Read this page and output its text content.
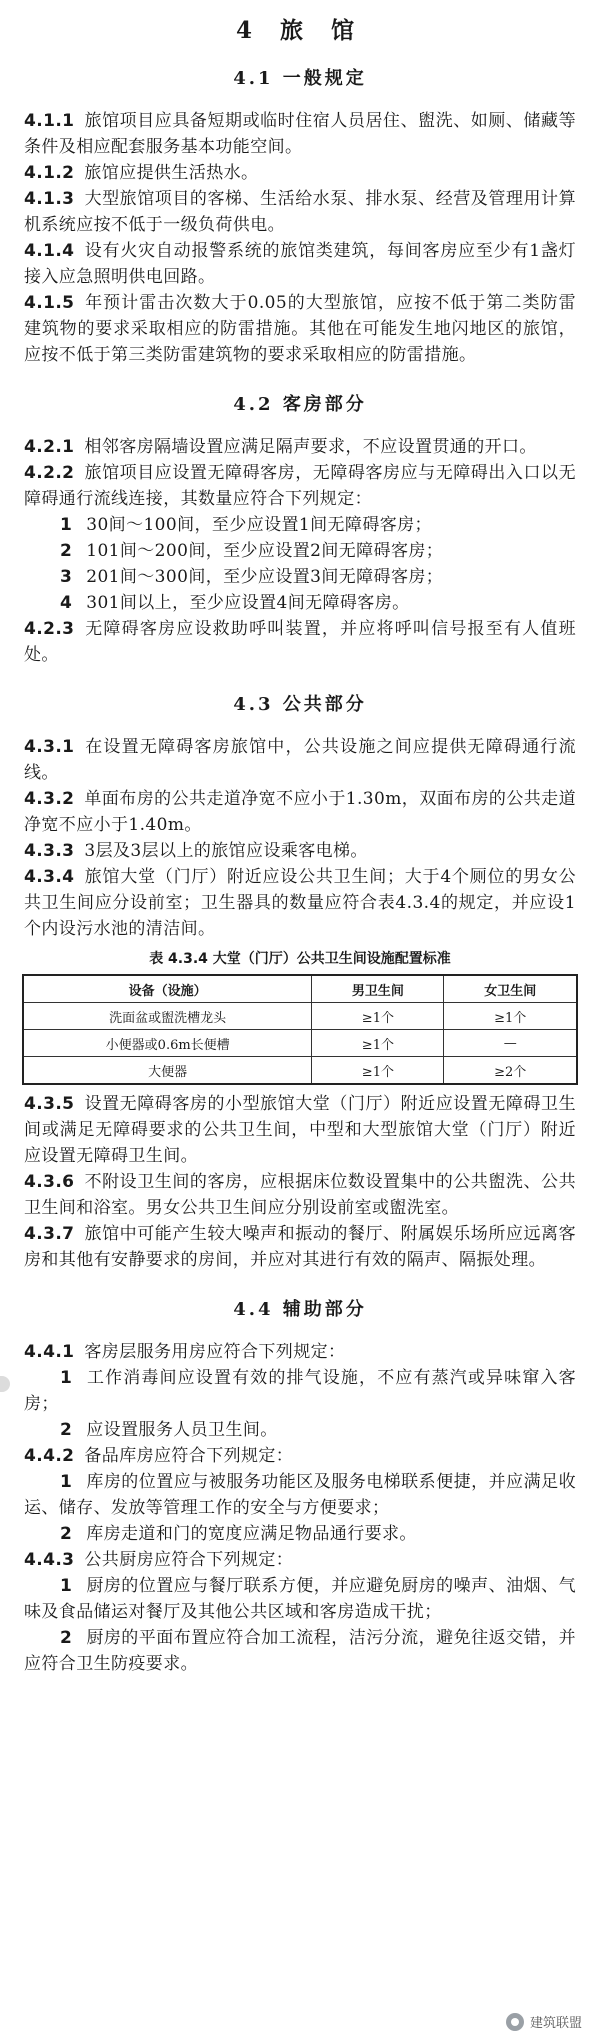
4 旅 馆
4.1 一般规定

4.1.1 旅馆项目应具备短期或临时住宿人员居住、盥洗、如厕、储藏等条件及相应配套服务基本功能空间。

4.1.2 旅馆应提供生活热水。

4.1.3 大型旅馆项目的客梯、生活给水泵、排水泵、经营及管理用计算机系统应按不低于一级负荷供电。

4.1.4 设有火灾自动报警系统的旅馆类建筑，每间客房应至少有1盏灯接入应急照明供电回路。

4.1.5 年预计雷击次数大于0.05的大型旅馆，应按不低于第二类防雷建筑物的要求采取相应的防雷措施。其他在可能发生地闪地区的旅馆，应按不低于第三类防雷建筑物的要求采取相应的防雷措施。

4.2 客房部分

4.2.1 相邻客房隔墙设置应满足隔声要求，不应设置贯通的开口。

4.2.2 旅馆项目应设置无障碍客房，无障碍客房应与无障碍出入口以无障碍通行流线连接，其数量应符合下列规定：

1 30间～100间，至少应设置1间无障碍客房；

2 101间～200间，至少应设置2间无障碍客房；

3 201间～300间，至少应设置3间无障碍客房；

4 301间以上，至少应设置4间无障碍客房。

4.2.3 无障碍客房应设救助呼叫装置，并应将呼叫信号报至有人值班处。

4.3 公共部分

4.3.1 在设置无障碍客房旅馆中，公共设施之间应提供无障碍通行流线。

4.3.2 单面布房的公共走道净宽不应小于1.30m，双面布房的公共走道净宽不应小于1.40m。

4.3.3 3层及3层以上的旅馆应设乘客电梯。

4.3.4 旅馆大堂（门厅）附近应设公共卫生间；大于4个厕位的男女公共卫生间应分设前室；卫生器具的数量应符合表4.3.4的规定，并应设1个内设污水池的清洁间。

表 4.3.4 大堂（门厅）公共卫生间设施配置标准
设备（设施）	男卫生间	女卫生间
洗面盆或盥洗槽龙头	≥1个	≥1个
小便器或0.6m长便槽	≥1个	—
大便器	≥1个	≥2个

4.3.5 设置无障碍客房的小型旅馆大堂（门厅）附近应设置无障碍卫生间或满足无障碍要求的公共卫生间，中型和大型旅馆大堂（门厅）附近应设置无障碍卫生间。

4.3.6 不附设卫生间的客房，应根据床位数设置集中的公共盥洗、公共卫生间和浴室。男女公共卫生间应分别设前室或盥洗室。

4.3.7 旅馆中可能产生较大噪声和振动的餐厅、附属娱乐场所应远离客房和其他有安静要求的房间，并应对其进行有效的隔声、隔振处理。

4.4 辅助部分

4.4.1 客房层服务用房应符合下列规定：

1 工作消毒间应设置有效的排气设施，不应有蒸汽或异味窜入客房；

2 应设置服务人员卫生间。

4.4.2 备品库房应符合下列规定：

1 库房的位置应与被服务功能区及服务电梯联系便捷，并应满足收运、储存、发放等管理工作的安全与方便要求；

2 库房走道和门的宽度应满足物品通行要求。

4.4.3 公共厨房应符合下列规定：

1 厨房的位置应与餐厅联系方便，并应避免厨房的噪声、油烟、气味及食品储运对餐厅及其他公共区域和客房造成干扰；

2 厨房的平面布置应符合加工流程，洁污分流，避免往返交错，并应符合卫生防疫要求。

建筑联盟
